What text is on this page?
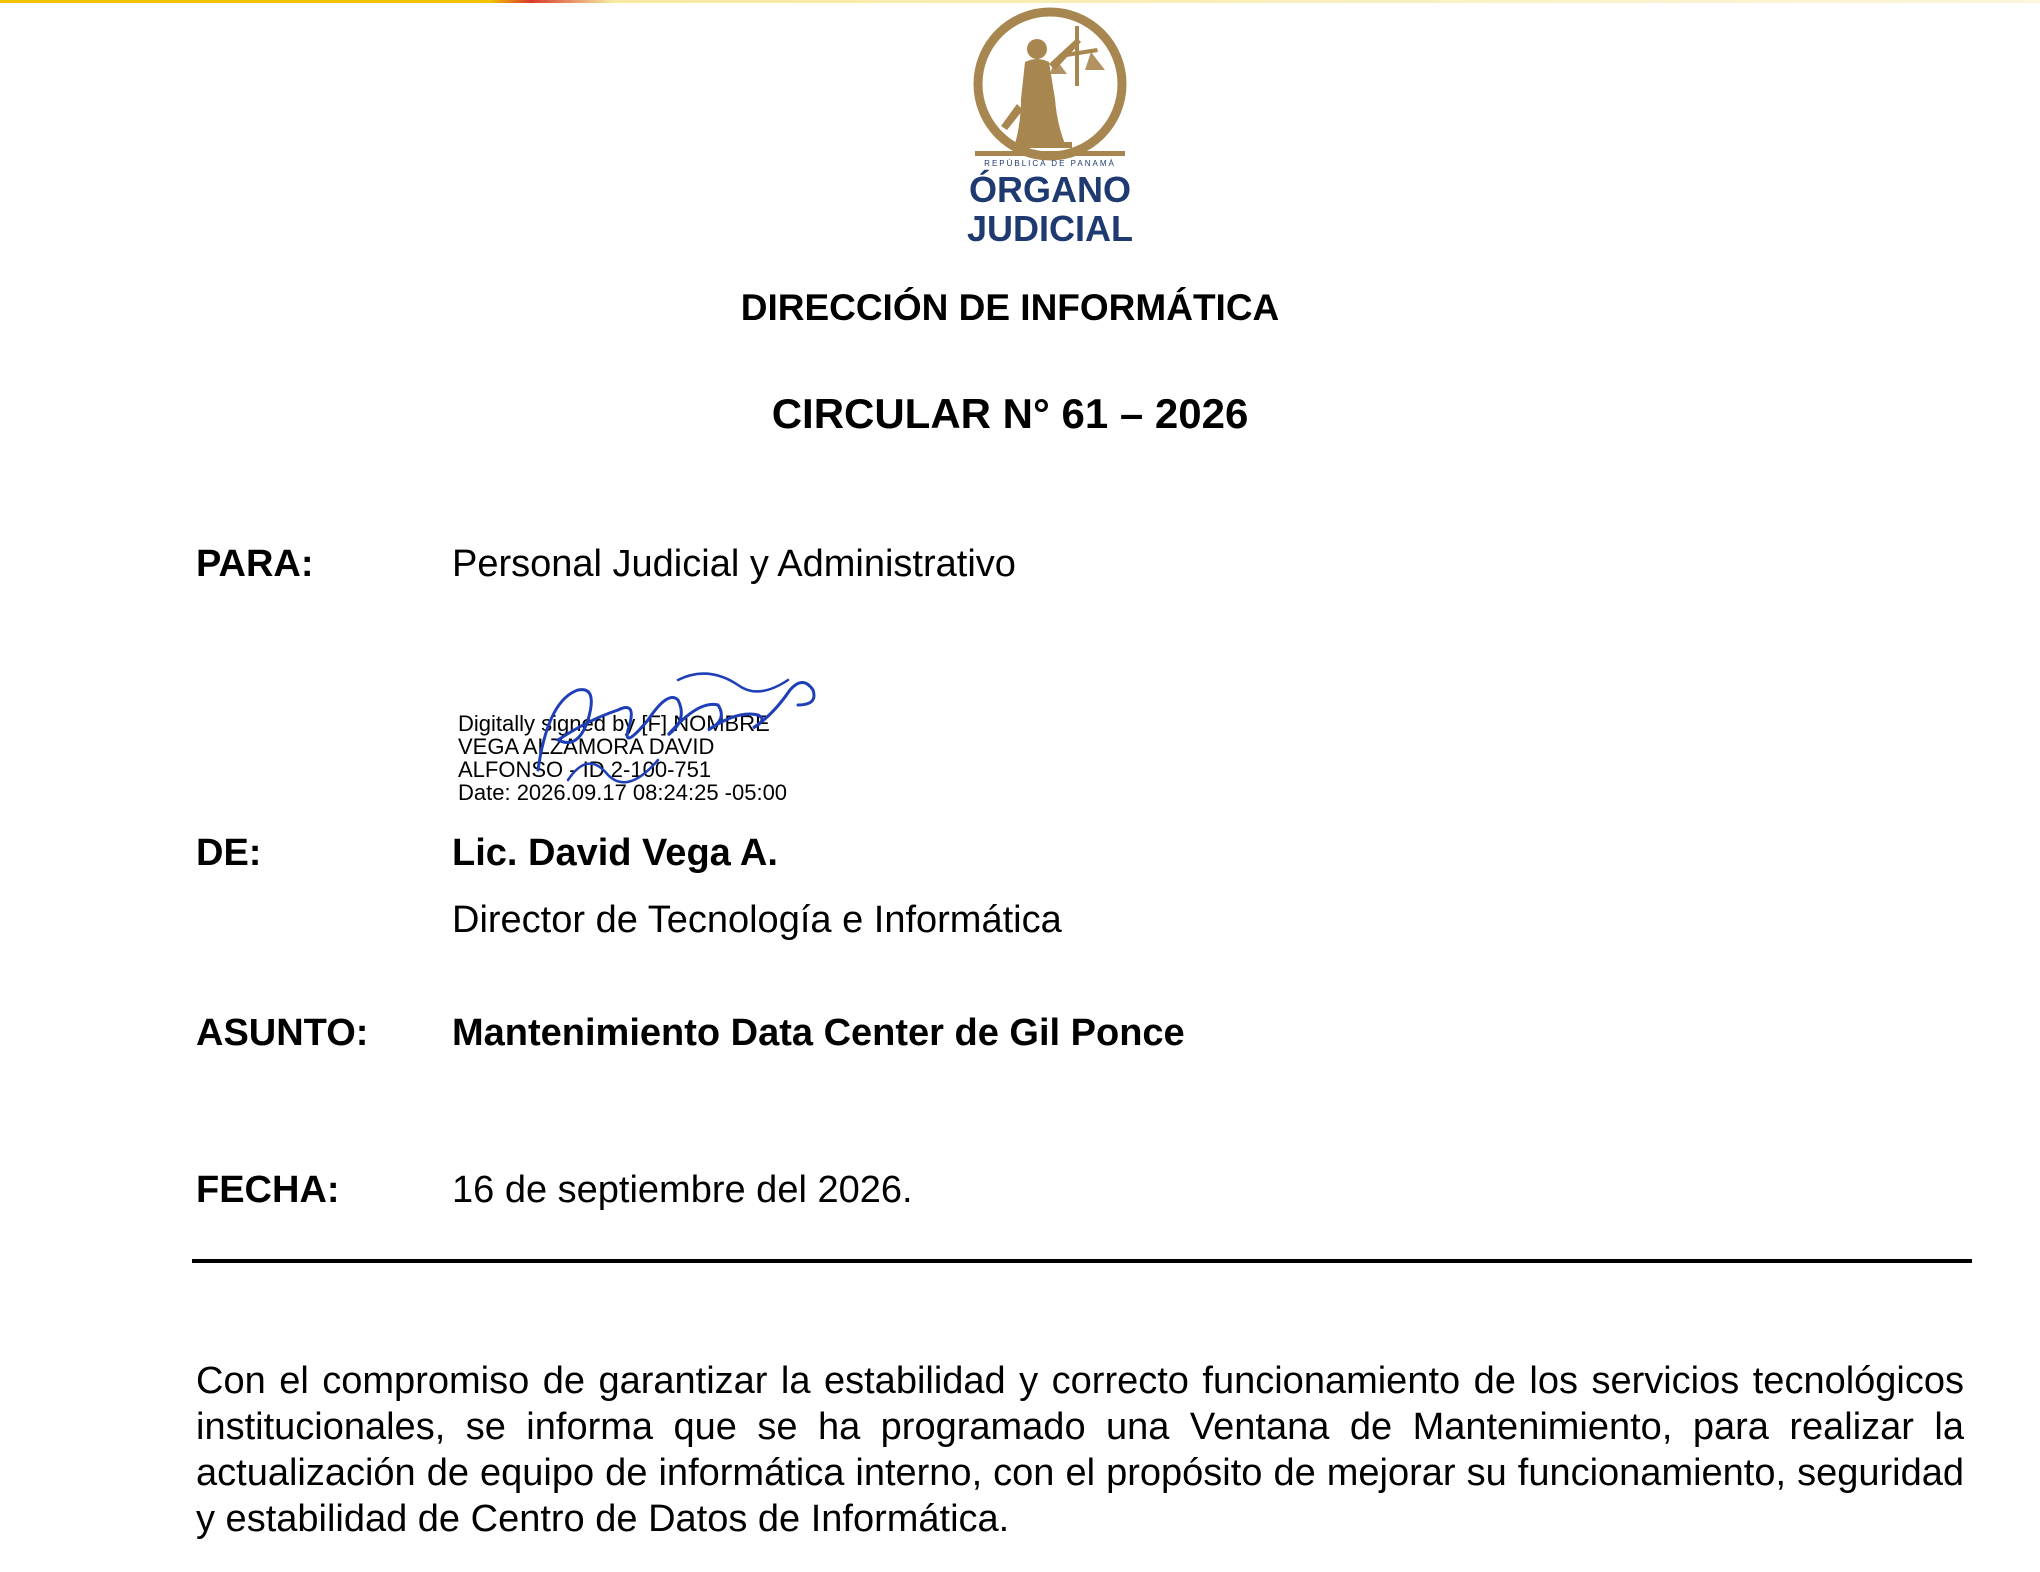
REPÚBLICA DE PANAMÁ
ÓRGANO
JUDICIAL
DIRECCIÓN DE INFORMÁTICA
CIRCULAR N° 61 – 2026
PARA:	Personal Judicial y Administrativo
Digitally signed by [F] NOMBRE
VEGA ALZAMORA DAVID
ALFONSO - ID 2-100-751
Date: 2026.09.17 08:24:25 -05:00
DE:	Lic. David Vega A.
Director de Tecnología e Informática
ASUNTO: Mantenimiento Data Center de Gil Ponce
FECHA:	16 de septiembre del 2026.
Con el compromiso de garantizar la estabilidad y correcto funcionamiento de los servicios tecnológicos institucionales, se informa que se ha programado una Ventana de Mantenimiento, para realizar la actualización de equipo de informática interno, con el propósito de mejorar su funcionamiento, seguridad y estabilidad de Centro de Datos de Informática.
